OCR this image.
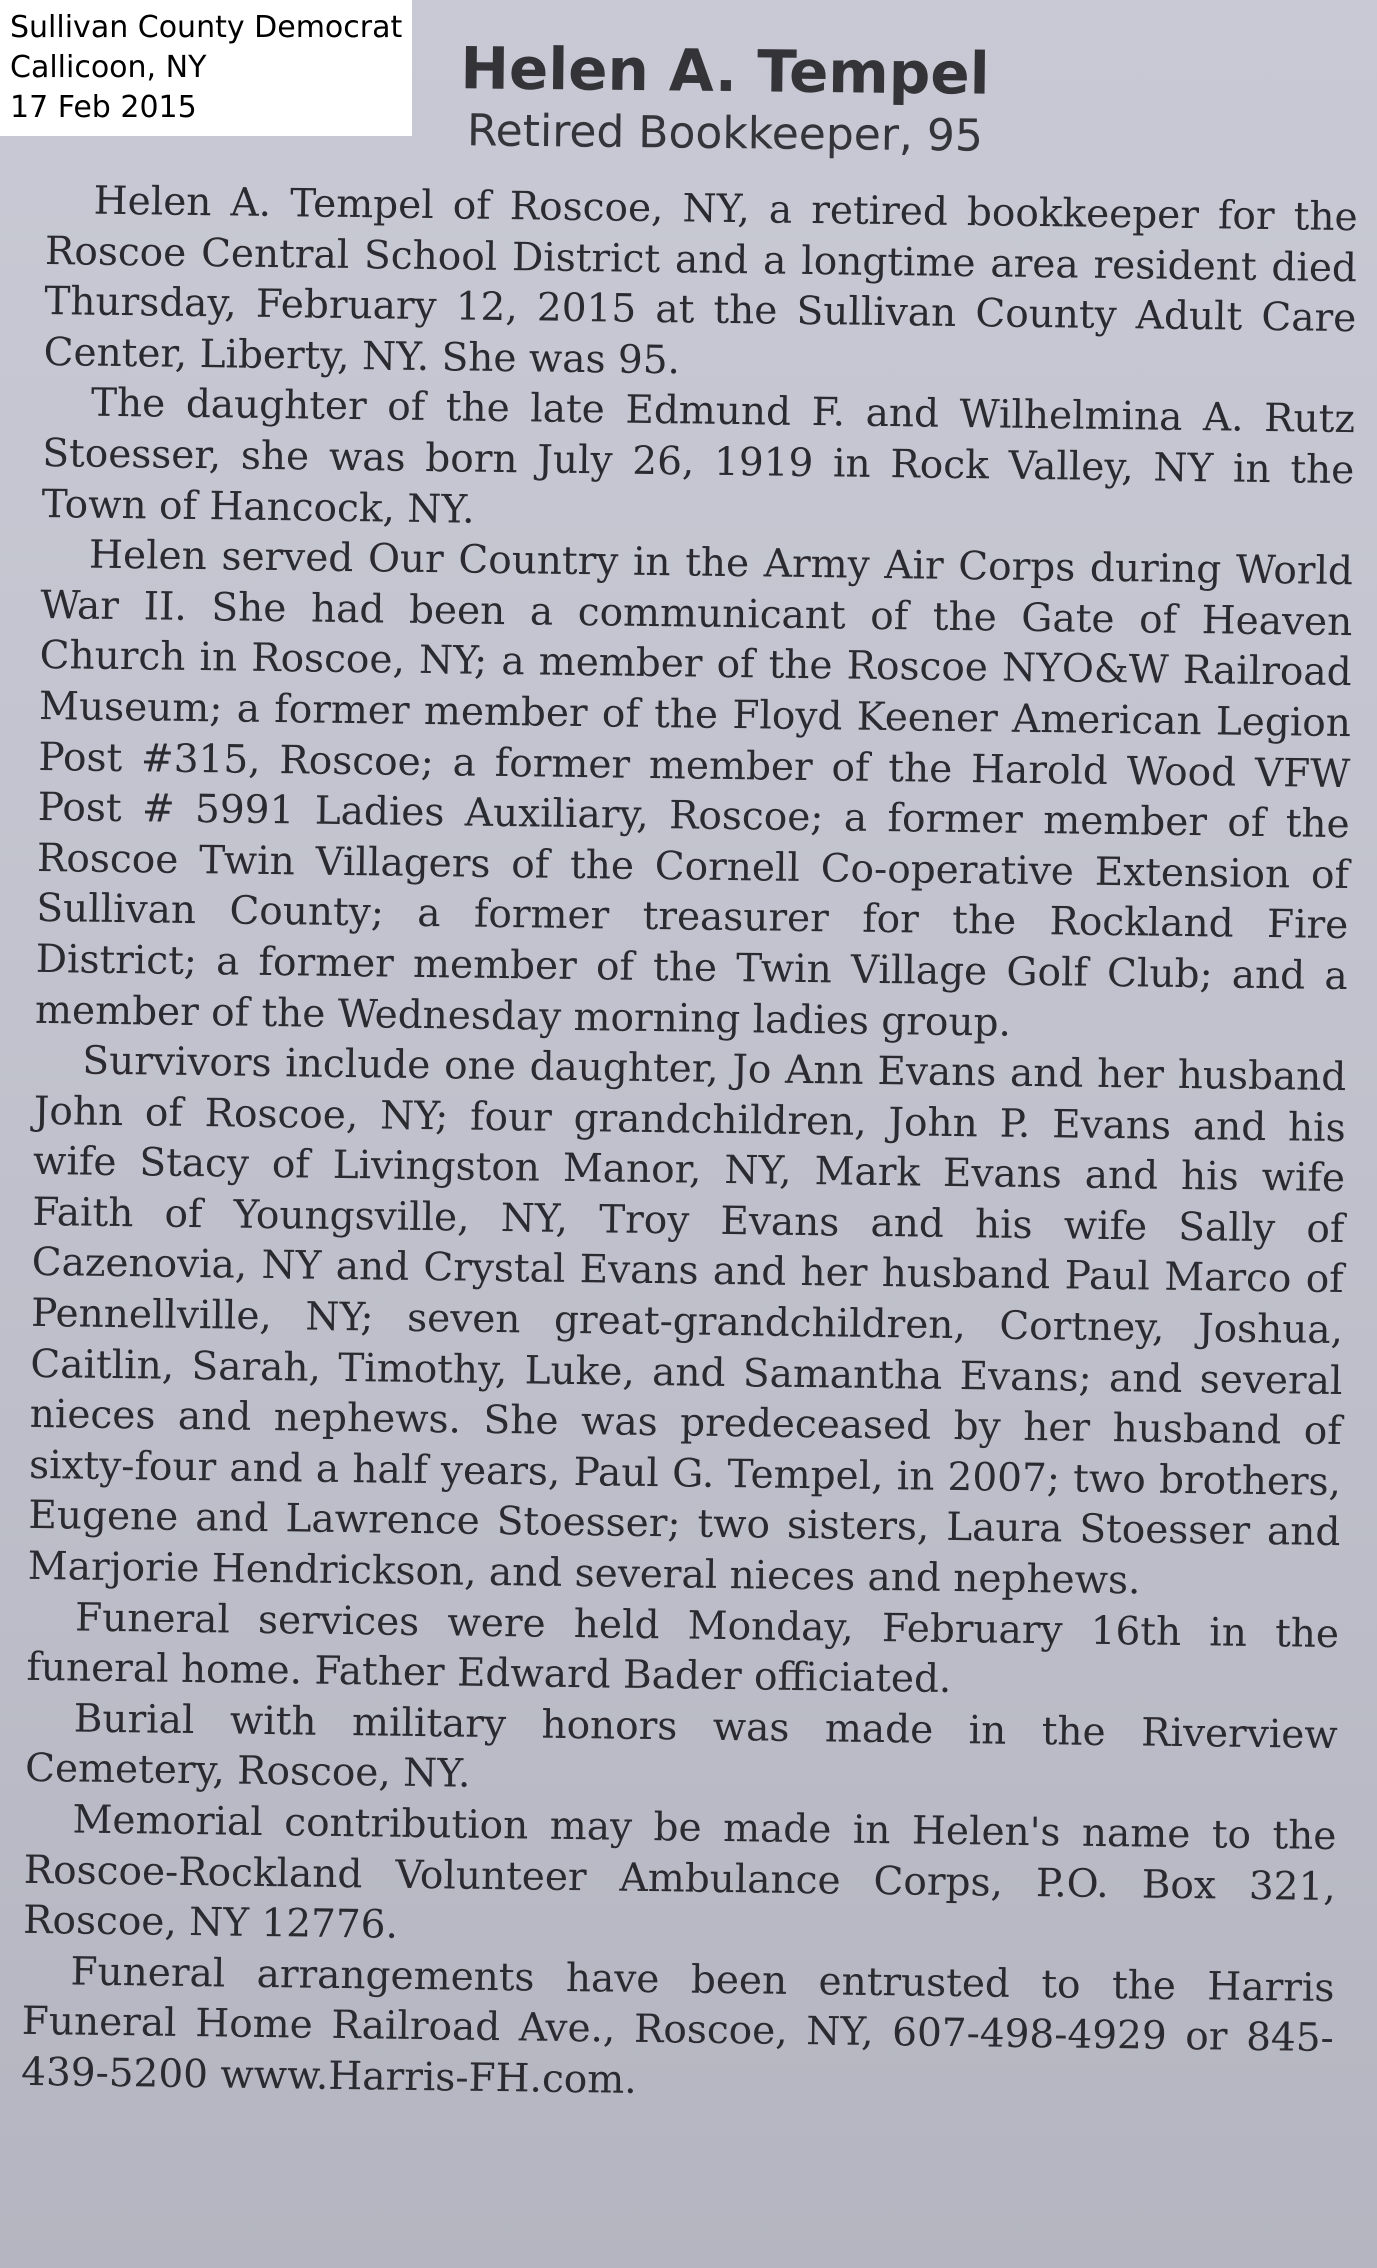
Sullivan County Democrat
Callicoon, NY
17 Feb 2015	Helen A. Tempel
Retired Bookkeeper, 95

Helen A. Tempel of Roscoe, NY, a retired bookkeeper for the Roscoe Central School District and a longtime area resident died Thursday, February 12, 2015 at the Sullivan County Adult Care Center, Liberty, NY. She was 95.

The daughter of the late Edmund F. and Wilhelmina A. Rutz Stoesser, she was born July 26, 1919 in Rock Valley, NY in the Town of Hancock, NY.

Helen served Our Country in the Army Air Corps during World War II. She had been a communicant of the Gate of Heaven Church in Roscoe, NY; a member of the Roscoe NYO&W Railroad Museum; a former member of the Floyd Keener American Legion Post #315, Roscoe; a former member of the Harold Wood VFW Post # 5991 Ladies Auxiliary, Roscoe; a former member of the Roscoe Twin Villagers of the Cornell Co-operative Extension of Sullivan County; a former treasurer for the Rockland Fire District; a former member of the Twin Village Golf Club; and a member of the Wednesday morning ladies group.

Survivors include one daughter, Jo Ann Evans and her husband John of Roscoe, NY; four grandchildren, John P. Evans and his wife Stacy of Livingston Manor, NY, Mark Evans and his wife Faith of Youngsville, NY, Troy Evans and his wife Sally of Cazenovia, NY and Crystal Evans and her husband Paul Marco of Pennellville, NY; seven great-grandchildren, Cortney, Joshua, Caitlin, Sarah, Timothy, Luke, and Samantha Evans; and several nieces and nephews. She was predeceased by her husband of sixty-four and a half years, Paul G. Tempel, in 2007; two brothers, Eugene and Lawrence Stoesser; two sisters, Laura Stoesser and Marjorie Hendrickson, and several nieces and nephews.

Funeral services were held Monday, February 16th in the funeral home. Father Edward Bader officiated.

Burial with military honors was made in the Riverview Cemetery, Roscoe, NY.

Memorial contribution may be made in Helen's name to the Roscoe-Rockland Volunteer Ambulance Corps, P.O. Box 321, Roscoe, NY 12776.

Funeral arrangements have been entrusted to the Harris Funeral Home Railroad Ave., Roscoe, NY, 607-498-4929 or 845-439-5200 www.Harris-FH.com.
